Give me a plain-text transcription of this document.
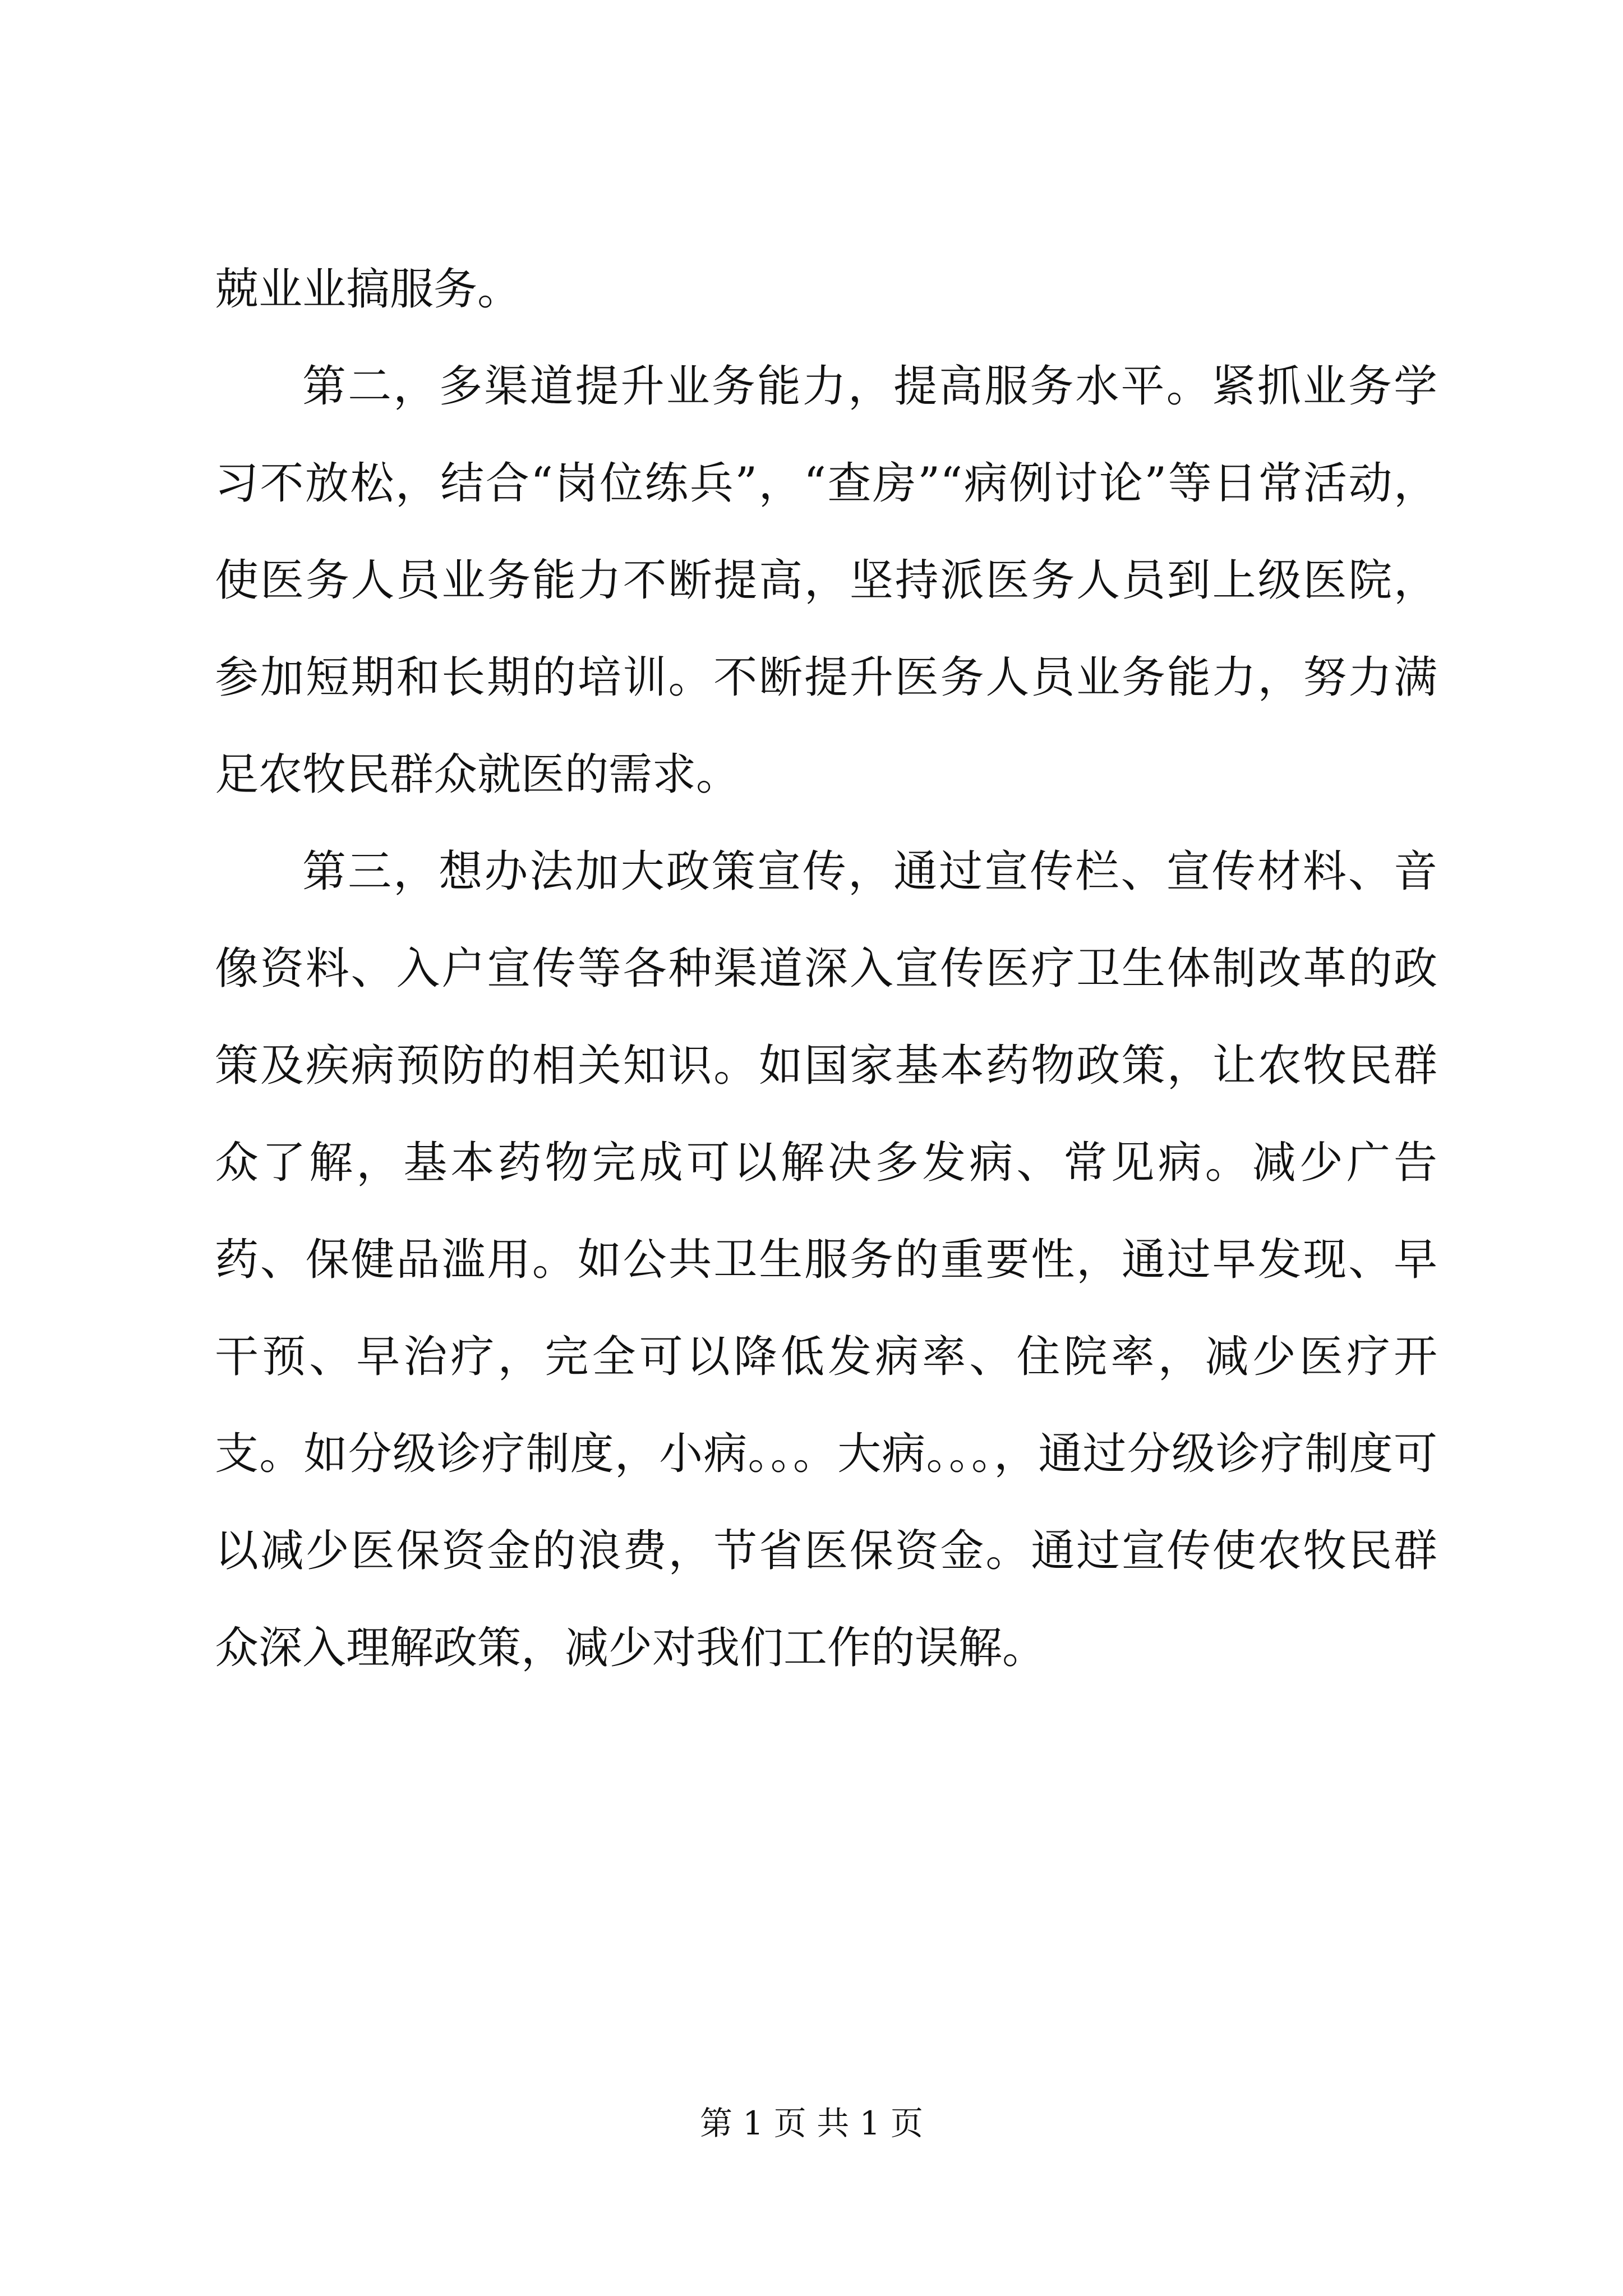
兢业业搞服务。

第二，多渠道提升业务能力，提高服务水平。紧抓业务学习不放松，结合“岗位练兵”，“查房”“病例讨论”等日常活动，使医务人员业务能力不断提高，坚持派医务人员到上级医院，参加短期和长期的培训。不断提升医务人员业务能力，努力满足农牧民群众就医的需求。

第三，想办法加大政策宣传，通过宣传栏、宣传材料、音像资料、入户宣传等各种渠道深入宣传医疗卫生体制改革的政策及疾病预防的相关知识。如国家基本药物政策，让农牧民群众了解，基本药物完成可以解决多发病、常见病。减少广告药、保健品滥用。如公共卫生服务的重要性，通过早发现、早干预、早治疗，完全可以降低发病率、住院率，减少医疗开支。如分级诊疗制度，小病。。。大病。。。，通过分级诊疗制度可以减少医保资金的浪费，节省医保资金。通过宣传使农牧民群众深入理解政策，减少对我们工作的误解。

第 1 页 共 1 页
